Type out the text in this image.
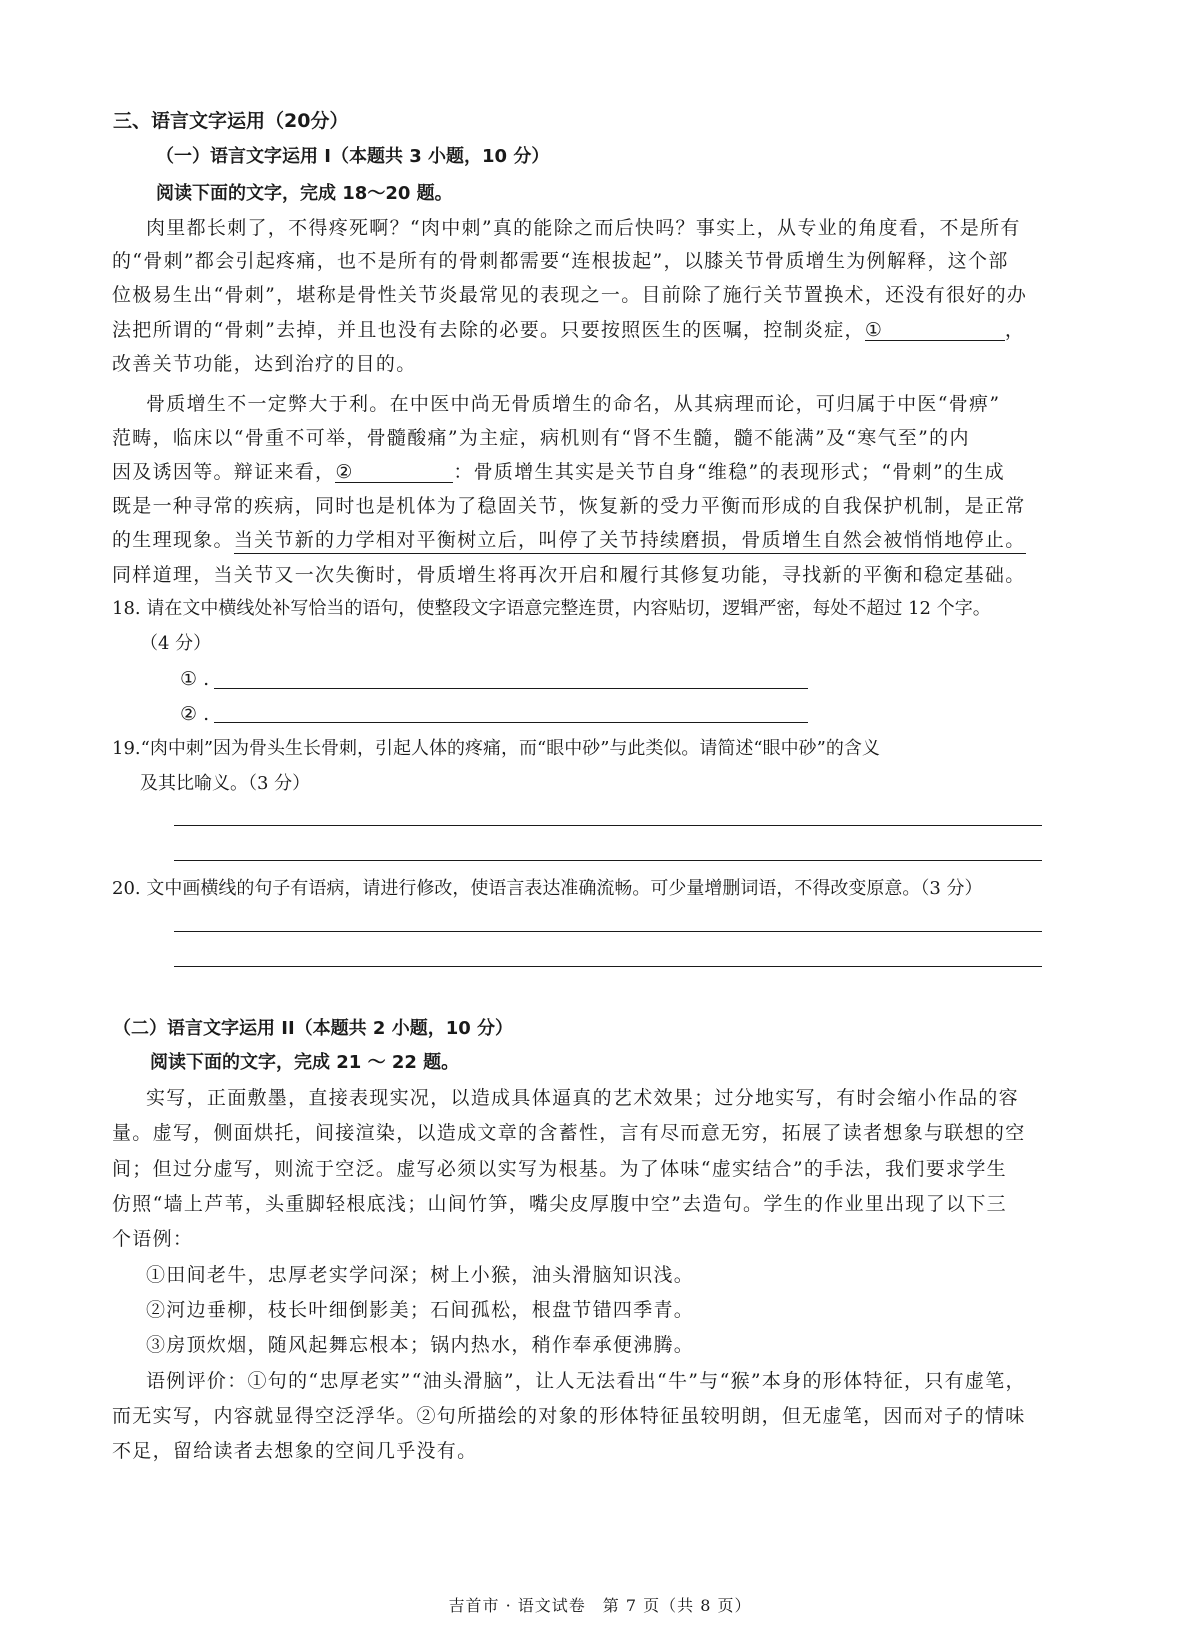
三、语言文字运用（20分）
（一）语言文字运用 I（本题共 3 小题，10 分）
阅读下面的文字，完成 18～20 题。
肉里都长刺了，不得疼死啊？“肉中刺”真的能除之而后快吗？事实上，从专业的角度看，不是所有
的“骨刺”都会引起疼痛，也不是所有的骨刺都需要“连根拔起”，以膝关节骨质增生为例解释，这个部
位极易生出“骨刺”，堪称是骨性关节炎最常见的表现之一。目前除了施行关节置换术，还没有很好的办
法把所谓的“骨刺”去掉，并且也没有去除的必要。只要按照医生的医嘱，控制炎症，①	，
改善关节功能，达到治疗的目的。
骨质增生不一定弊大于利。在中医中尚无骨质增生的命名，从其病理而论，可归属于中医“骨痹”
范畴，临床以“骨重不可举，骨髓酸痛”为主症，病机则有“肾不生髓，髓不能满”及“寒气至”的内
因及诱因等。辩证来看，②	：骨质增生其实是关节自身“维稳”的表现形式；“骨刺”的生成
既是一种寻常的疾病，同时也是机体为了稳固关节，恢复新的受力平衡而形成的自我保护机制，是正常
的生理现象。当关节新的力学相对平衡树立后，叫停了关节持续磨损，骨质增生自然会被悄悄地停止。
同样道理，当关节又一次失衡时，骨质增生将再次开启和履行其修复功能，寻找新的平衡和稳定基础。
18. 请在文中横线处补写恰当的语句，使整段文字语意完整连贯，内容贴切，逻辑严密，每处不超过 12 个字。
（4 分）
① .
② .
19.“肉中刺”因为骨头生长骨刺，引起人体的疼痛，而“眼中砂”与此类似。请简述“眼中砂”的含义
及其比喻义。（3 分）
20. 文中画横线的句子有语病，请进行修改，使语言表达准确流畅。可少量增删词语，不得改变原意。（3 分）
（二）语言文字运用 II（本题共 2 小题，10 分）
阅读下面的文字，完成 21 ～ 22 题。
实写，正面敷墨，直接表现实况，以造成具体逼真的艺术效果；过分地实写，有时会缩小作品的容
量。虚写，侧面烘托，间接渲染，以造成文章的含蓄性，言有尽而意无穷，拓展了读者想象与联想的空
间；但过分虚写，则流于空泛。虚写必须以实写为根基。为了体味“虚实结合”的手法，我们要求学生
仿照“墙上芦苇，头重脚轻根底浅；山间竹笋，嘴尖皮厚腹中空”去造句。学生的作业里出现了以下三
个语例：
①田间老牛，忠厚老实学问深；树上小猴，油头滑脑知识浅。
②河边垂柳，枝长叶细倒影美；石间孤松，根盘节错四季青。
③房顶炊烟，随风起舞忘根本；锅内热水，稍作奉承便沸腾。
语例评价：①句的“忠厚老实”“油头滑脑”，让人无法看出“牛”与“猴”本身的形体特征，只有虚笔，
而无实写，内容就显得空泛浮华。②句所描绘的对象的形体特征虽较明朗，但无虚笔，因而对子的情味
不足，留给读者去想象的空间几乎没有。
吉首市 · 语文试卷　第 7 页（共 8 页）
